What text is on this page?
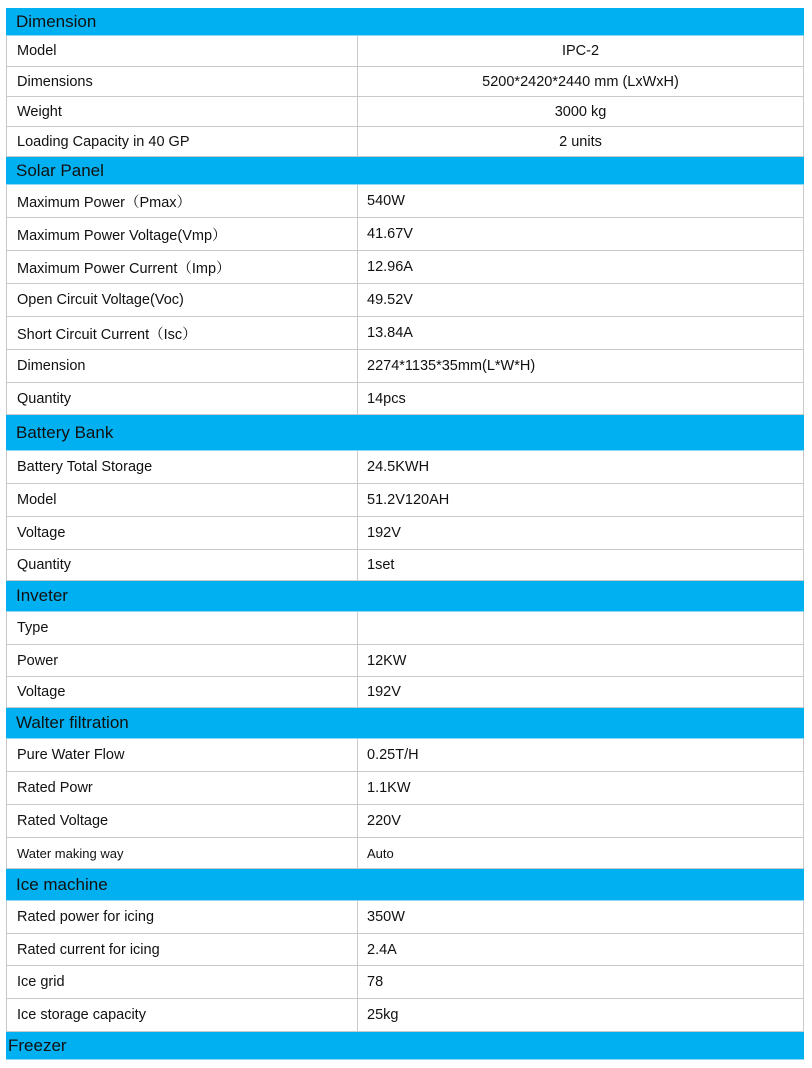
Dimension
Model	IPC-2
Dimensions	5200*2420*2440 mm (LxWxH)
Weight	3000 kg
Loading Capacity in 40 GP	2 units
Solar Panel
Maximum Power（Pmax）	540W
Maximum Power Voltage(Vmp）	41.67V
Maximum Power Current（Imp）	12.96A
Open Circuit Voltage(Voc)	49.52V
Short Circuit Current（Isc）	13.84A
Dimension	2274*1135*35mm(L*W*H)
Quantity	14pcs
Battery Bank
Battery Total Storage	24.5KWH
Model	51.2V120AH
Voltage	192V
Quantity	1set
Inveter
Type
Power	12KW
Voltage	192V
Walter filtration
Pure Water Flow	0.25T/H
Rated Powr	1.1KW
Rated Voltage	220V
Water making way	Auto
Ice machine
Rated power for icing	350W
Rated current for icing	2.4A
Ice grid	78
Ice storage capacity	25kg
Freezer
